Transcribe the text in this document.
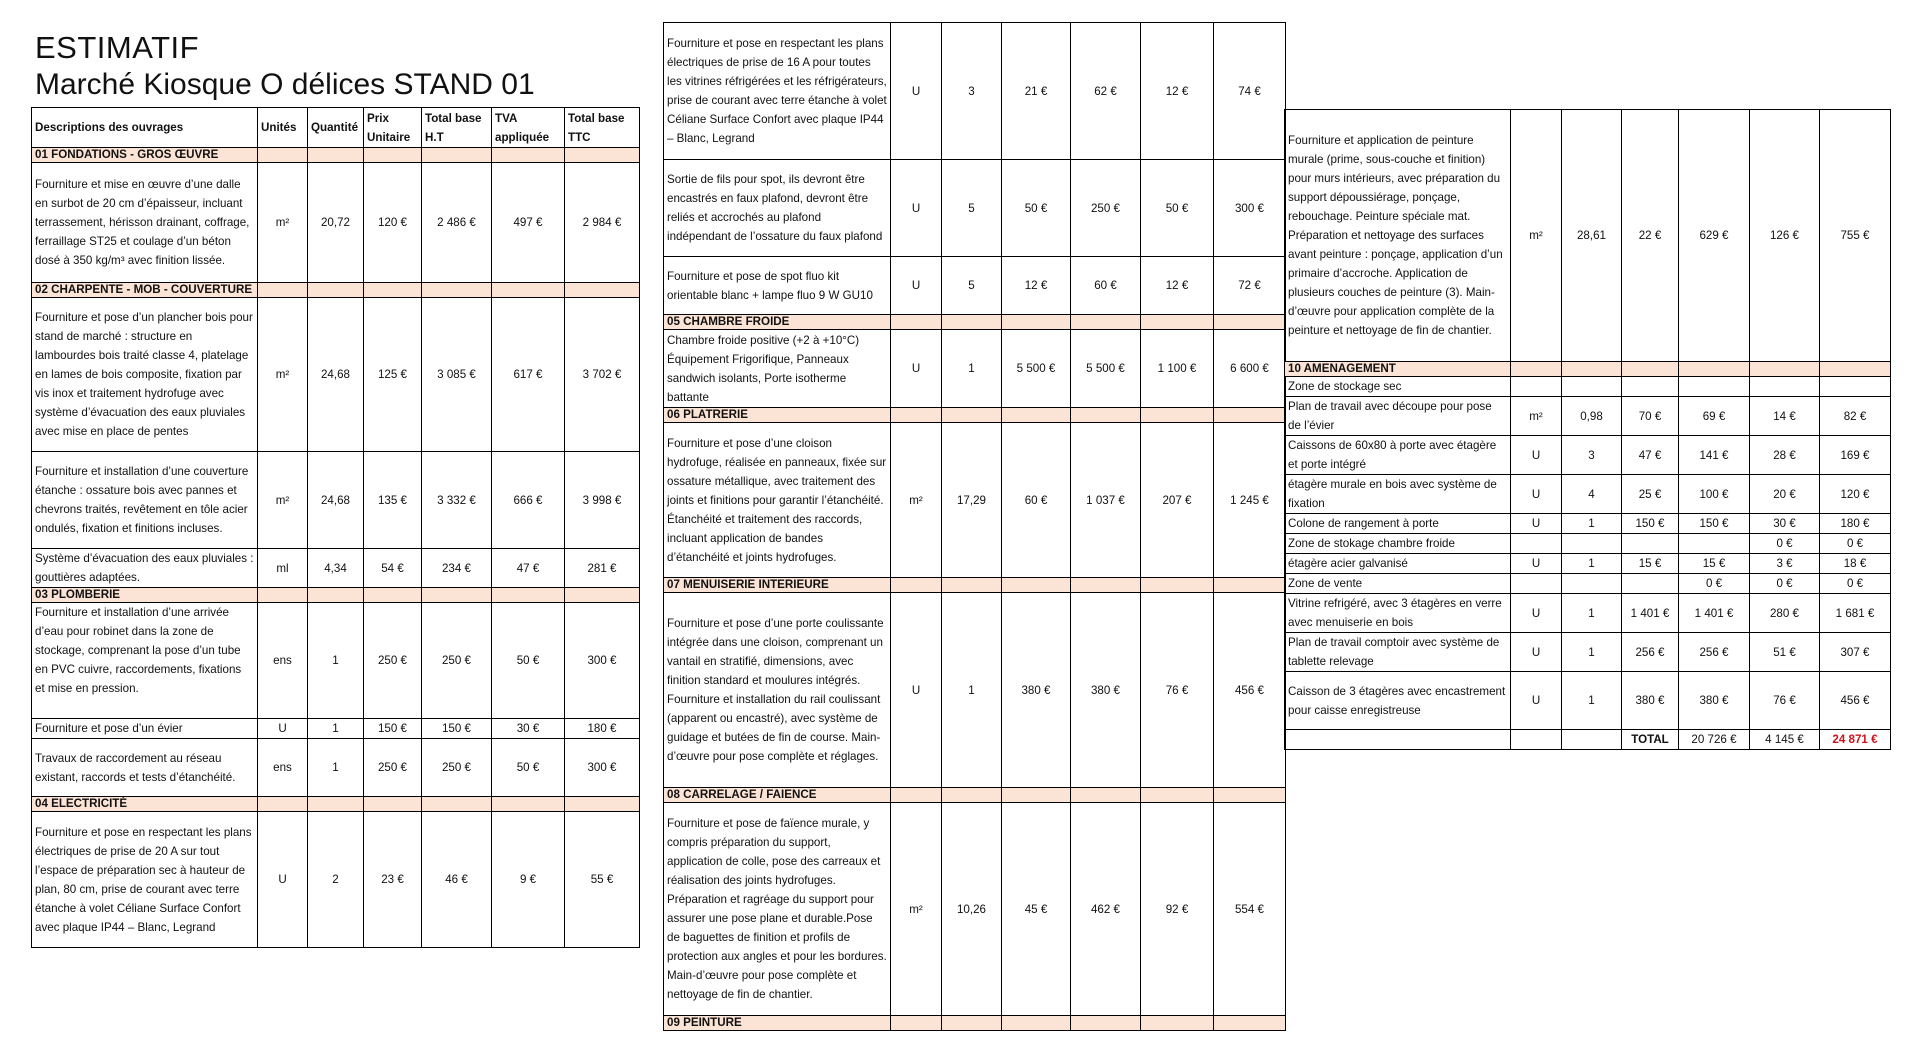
ESTIMATIF
Marché Kiosque O délices STAND 01
Descriptions des ouvrages	Unités	Quantité	Prix Unitaire	Total base H.T	TVA appliquée	Total base TTC
01 FONDATIONS - GROS ŒUVRE						
Fourniture et mise en œuvre d’une dalle en surbot de 20 cm d’épaisseur, incluant terrassement, hérisson drainant, coffrage, ferraillage ST25 et coulage d’un béton dosé à 350 kg/m³ avec finition lissée.	m²	20,72	120 €	2 486 €	497 €	2 984 €
02 CHARPENTE - MOB - COUVERTURE						
Fourniture et pose d’un plancher bois pour stand de marché : structure en lambourdes bois traité classe 4, platelage en lames de bois composite, fixation par vis inox et traitement hydrofuge avec système d’évacuation des eaux pluviales avec mise en place de pentes	m²	24,68	125 €	3 085 €	617 €	3 702 €
Fourniture et installation d’une couverture étanche : ossature bois avec pannes et chevrons traités, revêtement en tôle acier ondulés, fixation et finitions incluses.	m²	24,68	135 €	3 332 €	666 €	3 998 €
Système d’évacuation des eaux pluviales : gouttières adaptées.	ml	4,34	54 €	234 €	47 €	281 €
03 PLOMBERIE						
Fourniture et installation d’une arrivée d’eau pour robinet dans la zone de stockage, comprenant la pose d’un tube en PVC cuivre, raccordements, fixations et mise en pression.	ens	1	250 €	250 €	50 €	300 €
Fourniture et pose d’un évier	U	1	150 €	150 €	30 €	180 €
Travaux de raccordement au réseau existant, raccords et tests d’étanchéité.	ens	1	250 €	250 €	50 €	300 €
04 ELECTRICITÉ						
Fourniture et pose en respectant les plans électriques de prise de 20 A sur tout l’espace de préparation sec à hauteur de plan, 80 cm, prise de courant avec terre étanche à volet Céliane Surface Confort avec plaque IP44 – Blanc, Legrand	U	2	23 €	46 €	9 €	55 €
Fourniture et pose en respectant les plans électriques de prise de 16 A pour toutes les vitrines réfrigérées et les réfrigérateurs, prise de courant avec terre étanche à volet Céliane Surface Confort avec plaque IP44 – Blanc, Legrand	U	3	21 €	62 €	12 €	74 €
Sortie de fils pour spot, ils devront être encastrés en faux plafond, devront être reliés et accrochés au plafond indépendant de l’ossature du faux plafond	U	5	50 €	250 €	50 €	300 €
Fourniture et pose de spot fluo kit orientable blanc + lampe fluo 9 W GU10	U	5	12 €	60 €	12 €	72 €
05 CHAMBRE FROIDE						
Chambre froide positive (+2 à +10°C) Équipement Frigorifique, Panneaux sandwich isolants, Porte isotherme battante	U	1	5 500 €	5 500 €	1 100 €	6 600 €
06 PLATRERIE						
Fourniture et pose d’une cloison hydrofuge, réalisée en panneaux, fixée sur ossature métallique, avec traitement des joints et finitions pour garantir l’étanchéité. Étanchéité et traitement des raccords, incluant application de bandes d’étanchéité et joints hydrofuges.	m²	17,29	60 €	1 037 €	207 €	1 245 €
07 MENUISERIE INTERIEURE						
Fourniture et pose d’une porte coulissante intégrée dans une cloison, comprenant un vantail en stratifié, dimensions, avec finition standard et moulures intégrés. Fourniture et installation du rail coulissant (apparent ou encastré), avec système de guidage et butées de fin de course. Main-d’œuvre pour pose complète et réglages.	U	1	380 €	380 €	76 €	456 €
08 CARRELAGE / FAIENCE						
Fourniture et pose de faïence murale, y compris préparation du support, application de colle, pose des carreaux et réalisation des joints hydrofuges. Préparation et ragréage du support pour assurer une pose plane et durable.Pose de baguettes de finition et profils de protection aux angles et pour les bordures. Main-d’œuvre pour pose complète et nettoyage de fin de chantier.	m²	10,26	45 €	462 €	92 €	554 €
09 PEINTURE						
Fourniture et application de peinture murale (prime, sous-couche et finition) pour murs intérieurs, avec préparation du support dépoussiérage, ponçage, rebouchage. Peinture spéciale mat. Préparation et nettoyage des surfaces avant peinture : ponçage, application d’un primaire d’accroche. Application de plusieurs couches de peinture (3). Main-d’œuvre pour application complète de la peinture et nettoyage de fin de chantier.	m²	28,61	22 €	629 €	126 €	755 €
10 AMENAGEMENT						
Zone de stockage sec						
Plan de travail avec découpe pour pose de l’évier	m²	0,98	70 €	69 €	14 €	82 €
Caissons de 60x80 à porte avec étagère et porte intégré	U	3	47 €	141 €	28 €	169 €
étagère murale en bois avec système de fixation	U	4	25 €	100 €	20 €	120 €
Colone de rangement à porte	U	1	150 €	150 €	30 €	180 €
Zone de stokage chambre froide					0 €	0 €
étagère acier galvanisé	U	1	15 €	15 €	3 €	18 €
Zone de vente				0 €	0 €	0 €
Vitrine refrigéré, avec 3 étagères en verre avec menuiserie en bois	U	1	1 401 €	1 401 €	280 €	1 681 €
Plan de travail comptoir avec système de tablette relevage	U	1	256 €	256 €	51 €	307 €
Caisson de 3 étagères avec encastrement pour caisse enregistreuse	U	1	380 €	380 €	76 €	456 €
			TOTAL	20 726 €	4 145 €	24 871 €
